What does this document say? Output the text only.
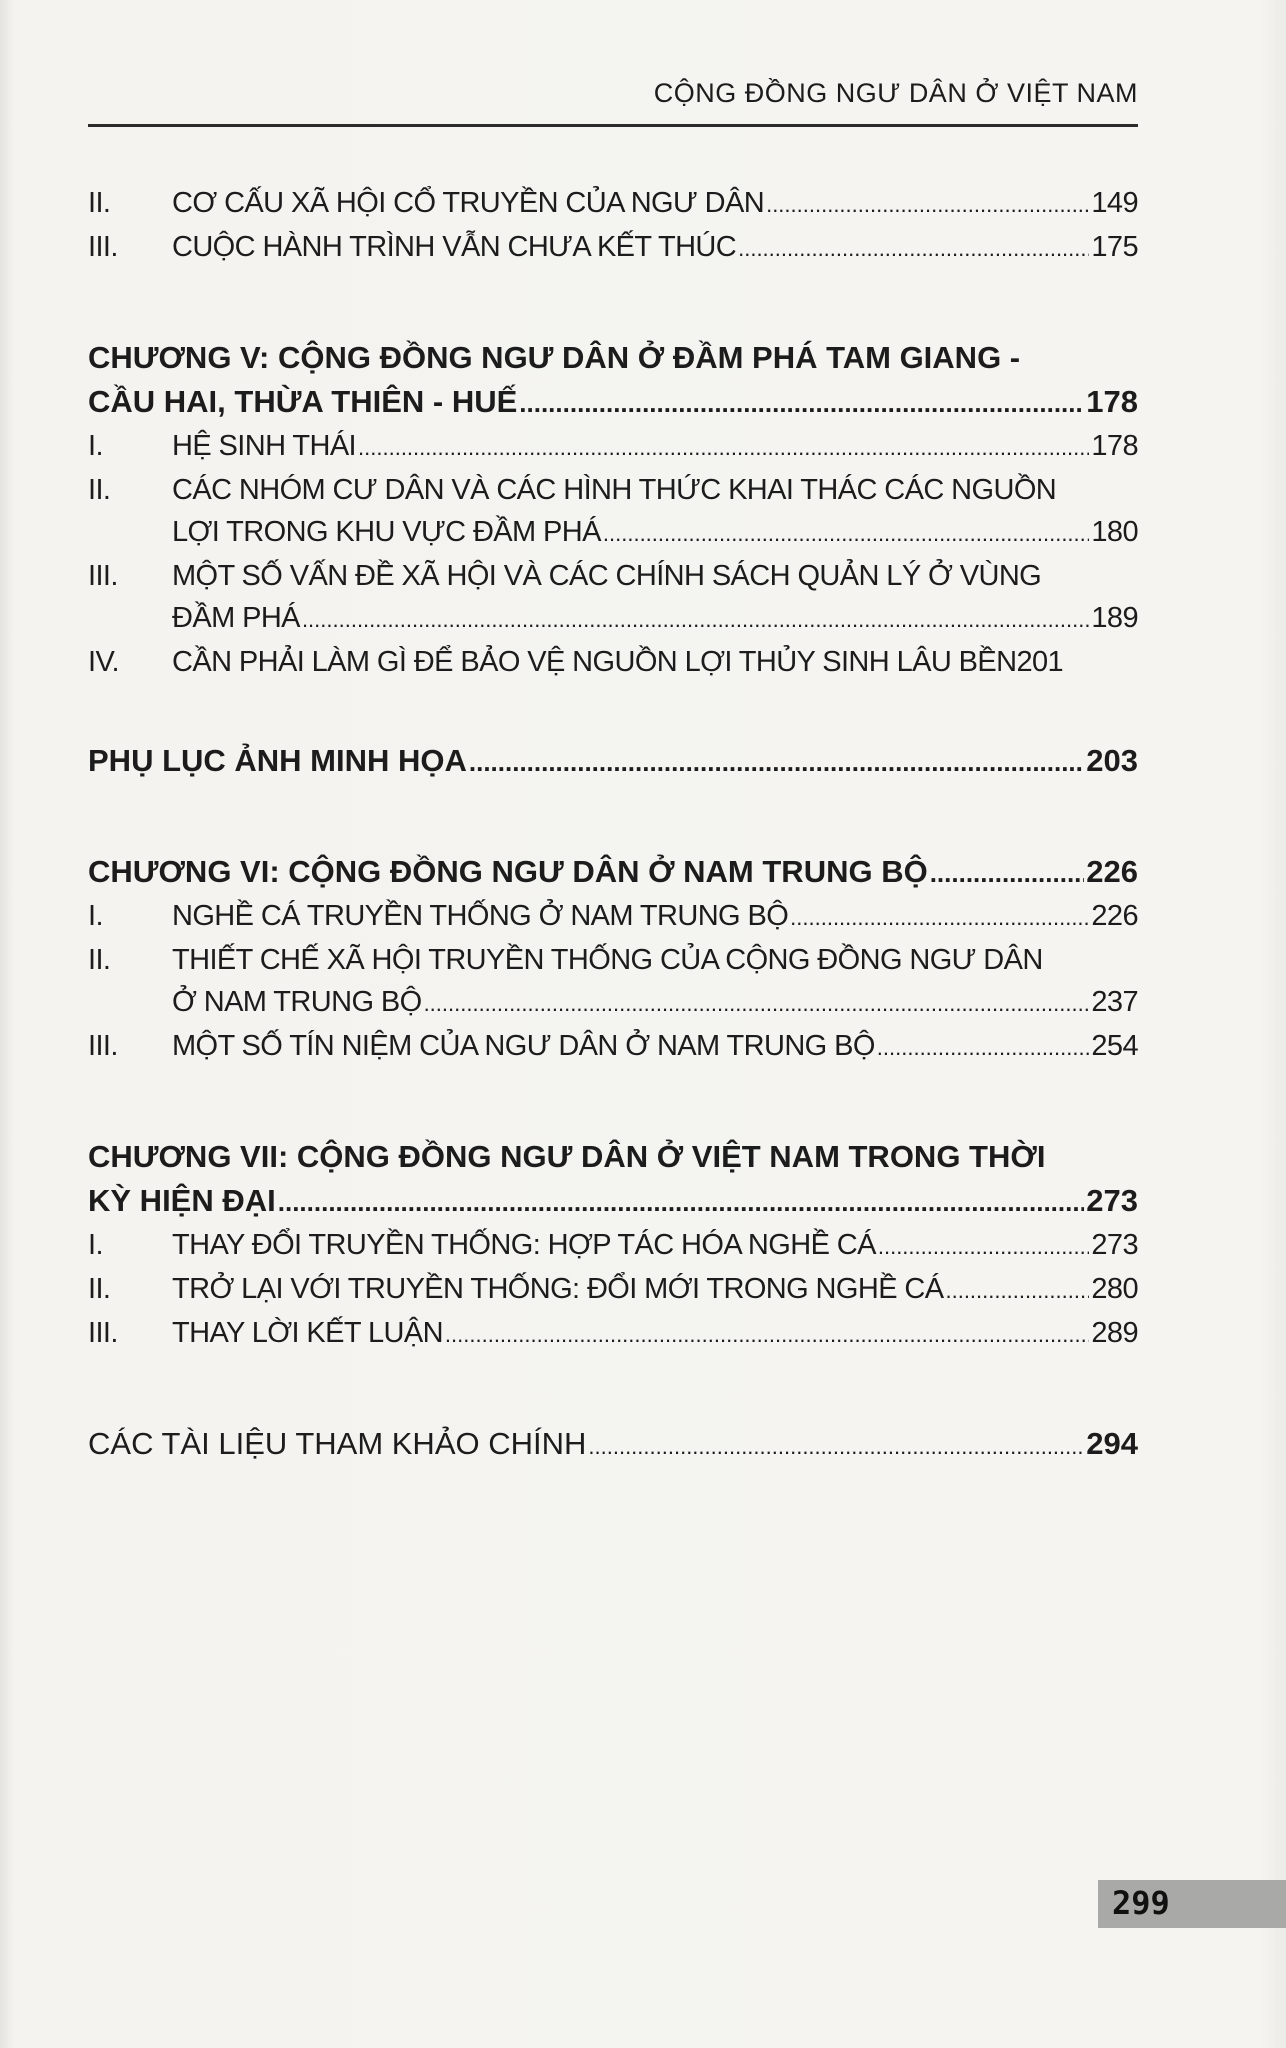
CỘNG ĐỒNG NGƯ DÂN Ở VIỆT NAM
II.	CƠ CẤU XÃ HỘI CỔ TRUYỀN CỦA NGƯ DÂN .....	149
III.	CUỘC HÀNH TRÌNH VẪN CHƯA KẾT THÚC .....	175
CHƯƠNG V: CỘNG ĐỒNG NGƯ DÂN Ở ĐẦM PHÁ TAM GIANG -
CẦU HAI, THỪA THIÊN - HUẾ .....	178
I.	HỆ SINH THÁI .....	178
II.	CÁC NHÓM CƯ DÂN VÀ CÁC HÌNH THỨC KHAI THÁC CÁC NGUỒN
LỢI TRONG KHU VỰC ĐẦM PHÁ .....	180
III.	MỘT SỐ VẤN ĐỀ XÃ HỘI VÀ CÁC CHÍNH SÁCH QUẢN LÝ Ở VÙNG
ĐẦM PHÁ .....	189
IV.	CẦN PHẢI LÀM GÌ ĐỂ BẢO VỆ NGUỒN LỢI THỦY SINH LÂU BỀN 201
PHỤ LỤC ẢNH MINH HỌA .....	203
CHƯƠNG VI: CỘNG ĐỒNG NGƯ DÂN Ở NAM TRUNG BỘ .....	226
I.	NGHỀ CÁ TRUYỀN THỐNG Ở NAM TRUNG BỘ .....	226
II.	THIẾT CHẾ XÃ HỘI TRUYỀN THỐNG CỦA CỘNG ĐỒNG NGƯ DÂN
Ở NAM TRUNG BỘ .....	237
III.	MỘT SỐ TÍN NIỆM CỦA NGƯ DÂN Ở NAM TRUNG BỘ .....	254
CHƯƠNG VII: CỘNG ĐỒNG NGƯ DÂN Ở VIỆT NAM TRONG THỜI
KỲ HIỆN ĐẠI .....	273
I.	THAY ĐỔI TRUYỀN THỐNG: HỢP TÁC HÓA NGHỀ CÁ .....	273
II.	TRỞ LẠI VỚI TRUYỀN THỐNG: ĐỔI MỚI TRONG NGHỀ CÁ .....	280
III.	THAY LỜI KẾT LUẬN .....	289
CÁC TÀI LIỆU THAM KHẢO CHÍNH .....	294
299
